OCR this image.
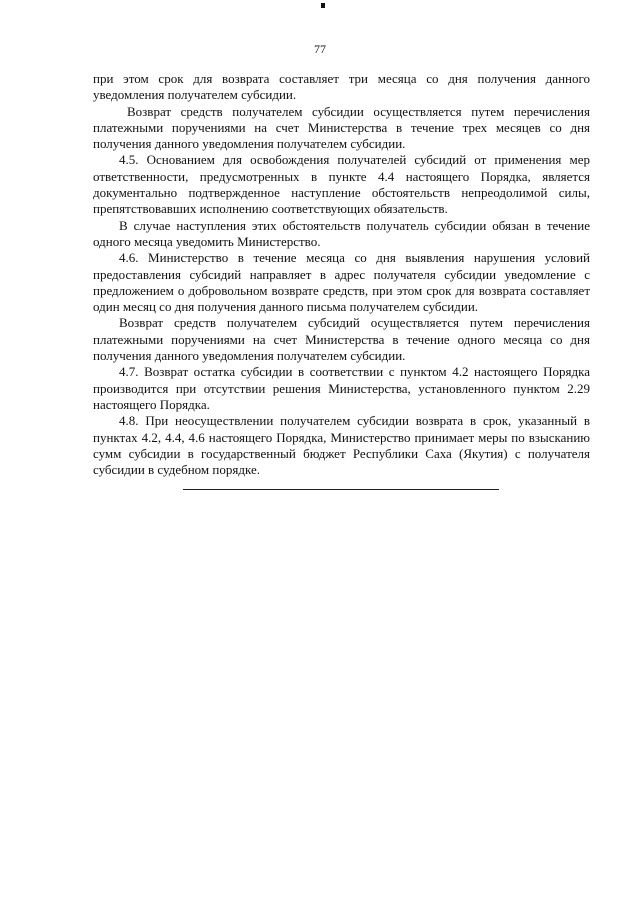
77

при этом срок для возврата составляет три месяца со дня получения данного уведомления получателем субсидии.

Возврат средств получателем субсидии осуществляется путем перечисления платежными поручениями на счет Министерства в течение трех месяцев со дня получения данного уведомления получателем субсидии.

4.5. Основанием для освобождения получателей субсидий от применения мер ответственности, предусмотренных в пункте 4.4 настоящего Порядка, является документально подтвержденное наступление обстоятельств непреодолимой силы, препятствовавших исполнению соответствующих обязательств.

В случае наступления этих обстоятельств получатель субсидии обязан в течение одного месяца уведомить Министерство.

4.6. Министерство в течение месяца со дня выявления нарушения условий предоставления субсидий направляет в адрес получателя субсидии уведомление с предложением о добровольном возврате средств, при этом срок для возврата составляет один месяц со дня получения данного письма получателем субсидии.

Возврат средств получателем субсидий осуществляется путем перечисления платежными поручениями на счет Министерства в течение одного месяца со дня получения данного уведомления получателем субсидии.

4.7. Возврат остатка субсидии в соответствии с пунктом 4.2 настоящего Порядка производится при отсутствии решения Министерства, установленного пунктом 2.29 настоящего Порядка.

4.8. При неосуществлении получателем субсидии возврата в срок, указанный в пунктах 4.2, 4.4, 4.6 настоящего Порядка, Министерство принимает меры по взысканию сумм субсидии в государственный бюджет Республики Саха (Якутия) с получателя субсидии в судебном порядке.
